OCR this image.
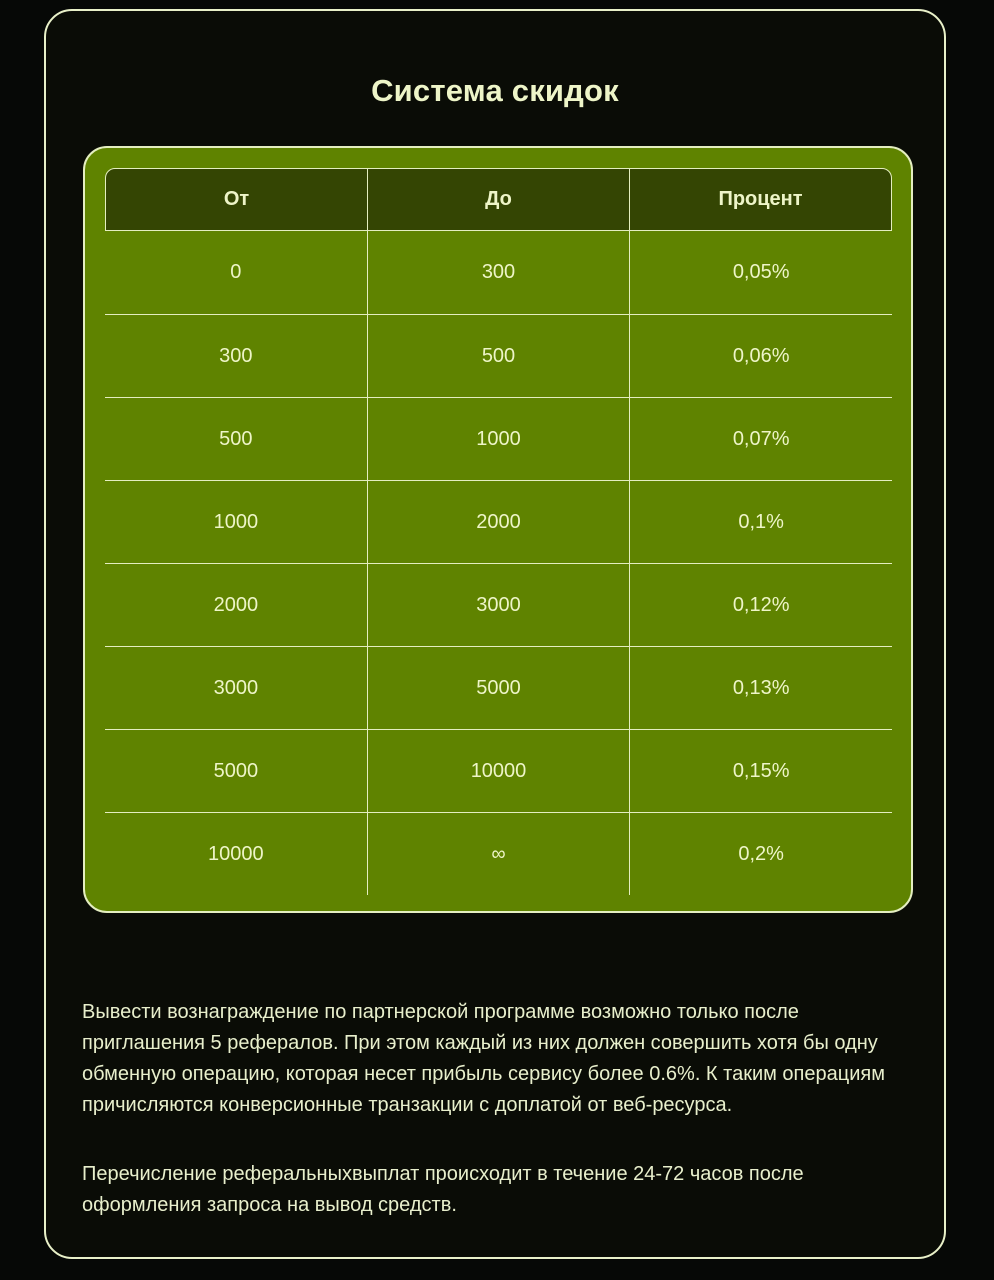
Система скидок
От	До	Процент
0	300	0,05%
300	500	0,06%
500	1000	0,07%
1000	2000	0,1%
2000	3000	0,12%
3000	5000	0,13%
5000	10000	0,15%
10000	∞	0,2%

Вывести вознаграждение по партнерской программе возможно только после приглашения 5 рефералов. При этом каждый из них должен совершить хотя бы одну обменную операцию, которая несет прибыль сервису более 0.6%. К таким операциям причисляются конверсионные транзакции с доплатой от веб-ресурса.

Перечисление реферальныхвыплат происходит в течение 24-72 часов после оформления запроса на вывод средств.
